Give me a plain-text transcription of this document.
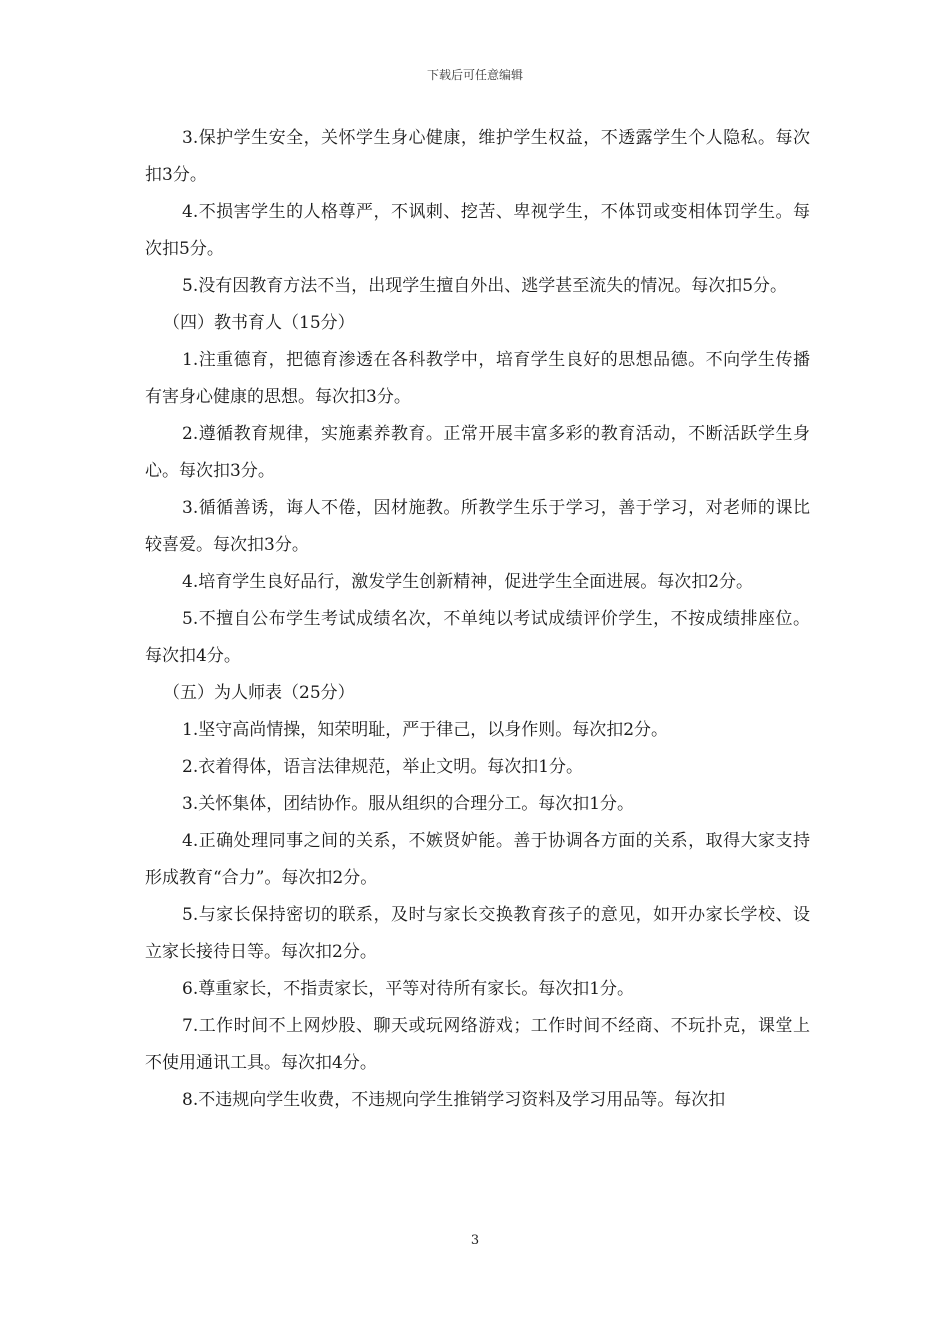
下载后可任意编辑

3.保护学生安全，关怀学生身心健康，维护学生权益，不透露学生个人隐私。每次扣3分。

4.不损害学生的人格尊严，不讽刺、挖苦、卑视学生，不体罚或变相体罚学生。每次扣5分。

5.没有因教育方法不当，出现学生擅自外出、逃学甚至流失的情况。每次扣5分。

（四）教书育人（15分）

1.注重德育，把德育渗透在各科教学中，培育学生良好的思想品德。不向学生传播有害身心健康的思想。每次扣3分。

2.遵循教育规律，实施素养教育。正常开展丰富多彩的教育活动，不断活跃学生身心。每次扣3分。

3.循循善诱，诲人不倦，因材施教。所教学生乐于学习，善于学习，对老师的课比较喜爱。每次扣3分。

4.培育学生良好品行，激发学生创新精神，促进学生全面进展。每次扣2分。

5.不擅自公布学生考试成绩名次，不单纯以考试成绩评价学生，不按成绩排座位。每次扣4分。

（五）为人师表（25分）

1.坚守高尚情操，知荣明耻，严于律己，以身作则。每次扣2分。

2.衣着得体，语言法律规范，举止文明。每次扣1分。

3.关怀集体，团结协作。服从组织的合理分工。每次扣1分。

4.正确处理同事之间的关系，不嫉贤妒能。善于协调各方面的关系，取得大家支持形成教育“合力”。每次扣2分。

5.与家长保持密切的联系，及时与家长交换教育孩子的意见，如开办家长学校、设立家长接待日等。每次扣2分。

6.尊重家长，不指责家长，平等对待所有家长。每次扣1分。

7.工作时间不上网炒股、聊天或玩网络游戏；工作时间不经商、不玩扑克，课堂上不使用通讯工具。每次扣4分。

8.不违规向学生收费，不违规向学生推销学习资料及学习用品等。每次扣

3
